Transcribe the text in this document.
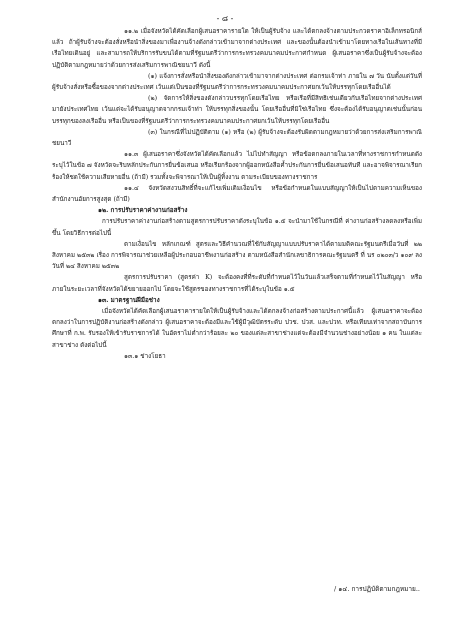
- ๘ -

๑๑.๒ เมื่อจังหวัดได้คัดเลือกผู้เสนอราคารายใด ให้เป็นผู้รับจ้าง และได้ตกลงจ้างตามประกวดราคาอิเล็กทรอนิกส์แล้ว ถ้าผู้รับจ้างจะต้องสั่งหรือนำสิ่งของมาเพื่องานจ้างดังกล่าวเข้ามาจากต่างประเทศ และของนั้นต้องนำเข้ามาโดยทางเรือในเส้นทางที่มีเรือไทยเดินอยู่ และสามารถให้บริการรับขนได้ตามที่รัฐมนตรีว่าการกระทรวงคมนาคมประกาศกำหนด ผู้เสนอราคาซึ่งเป็นผู้รับจ้างจะต้องปฏิบัติตามกฎหมายว่าด้วยการส่งเสริมการพาณิชยนาวี ดังนี้

(๑) แจ้งการสั่งหรือนำสิ่งของดังกล่าวเข้ามาจากต่างประเทศ ต่อกรมเจ้าท่า ภายใน ๗ วัน นับตั้งแต่วันที่ผู้รับจ้างสั่งหรือซื้อของจากต่างประเทศ เว้นแต่เป็นของที่รัฐมนตรีว่าการกระทรวงคมนาคมประกาศยกเว้นให้บรรทุกโดยเรืออื่นได้

(๒) จัดการให้สิ่งของดังกล่าวบรรทุกโดยเรือไทย หรือเรือที่มีสิทธิเช่นเดียวกับเรือไทยจากต่างประเทศมายังประเทศไทย เว้นแต่จะได้รับอนุญาตจากกรมเจ้าท่า ให้บรรทุกสิ่งของนั้น โดยเรืออื่นที่มิใช่เรือไทย ซึ่งจะต้องได้รับอนุญาตเช่นนั้นก่อนบรรทุกของลงเรืออื่น หรือเป็นของที่รัฐมนตรีว่าการกระทรวงคมนาคมประกาศยกเว้นให้บรรทุกโดยเรืออื่น

(๓) ในกรณีที่ไม่ปฏิบัติตาม (๑) หรือ (๒) ผู้รับจ้างจะต้องรับผิดตามกฎหมายว่าด้วยการส่งเสริมการพาณิชยนาวี

๑๑.๓ ผู้เสนอราคาซึ่งจังหวัดได้คัดเลือกแล้ว ไม่ไปทำสัญญา หรือข้อตกลงภายในเวลาที่ทางราชการกำหนดดังระบุไว้ในข้อ ๗ จังหวัดจะริบหลักประกันการยื่นข้อเสนอ หรือเรียกร้องจากผู้ออกหนังสือค้ำประกันการยื่นข้อเสนอทันที และอาจพิจารณาเรียกร้องให้ชดใช้ความเสียหายอื่น (ถ้ามี) รวมทั้งจะพิจารณาให้เป็นผู้ทิ้งงาน ตามระเบียบของทางราชการ

๑๑.๔ จังหวัดสงวนสิทธิ์ที่จะแก้ไขเพิ่มเติมเงื่อนไข หรือข้อกำหนดในแบบสัญญาให้เป็นไปตามความเห็นของสำนักงานอัยการสูงสุด (ถ้ามี)

๑๒. การปรับราคาค่างานก่อสร้าง

การปรับราคาค่างานก่อสร้างตามสูตรการปรับราคาดังระบุในข้อ ๑.๕ จะนำมาใช้ในกรณีที่ ค่างานก่อสร้างลดลงหรือเพิ่มขึ้น โดยวิธีการต่อไปนี้

ตามเงื่อนไข หลักเกณฑ์ สูตรและวิธีคำนวณที่ใช้กับสัญญาแบบปรับราคาได้ตามมติคณะรัฐมนตรีเมื่อวันที่ ๒๒ สิงหาคม ๒๕๓๒ เรื่อง การพิจารณาช่วยเหลือผู้ประกอบอาชีพงานก่อสร้าง ตามหนังสือสำนักเลขาธิการคณะรัฐมนตรี ที่ นร ๐๒๐๓/ว ๑๐๙ ลงวันที่ ๒๔ สิงหาคม ๒๕๓๒

สูตรการปรับราคา (สูตรค่า K) จะต้องคงที่ที่ระดับที่กำหนดไว้ในวันแล้วเสร็จตามที่กำหนดไว้ในสัญญา หรือภายในระยะเวลาที่จังหวัดได้ขยายออกไป โดยจะใช้สูตรของทางราชการที่ได้ระบุในข้อ ๑.๕

๑๓. มาตรฐานฝีมือช่าง

เมื่อจังหวัดได้คัดเลือกผู้เสนอราคารายใดให้เป็นผู้รับจ้างและได้ตกลงจ้างก่อสร้างตามประกาศนี้แล้ว ผู้เสนอราคาจะต้องตกลงว่าในการปฏิบัติงานก่อสร้างดังกล่าว ผู้เสนอราคาจะต้องมีและใช้ผู้มีวุฒิบัตรระดับ ปวช. ปวส. และปวท. หรือเทียบเท่าจากสถาบันการศึกษาที่ ก.พ. รับรองให้เข้ารับราชการได้ ในอัตราไม่ต่ำกว่าร้อยละ ๒๐ ของแต่ละสาขาช่างแต่จะต้องมีจำนวนช่างอย่างน้อย ๑ คน ในแต่ละสาขาช่าง ดังต่อไปนี้

๑๓.๑ ช่างโยธา

/ ๑๔. การปฏิบัติตามกฎหมาย..
